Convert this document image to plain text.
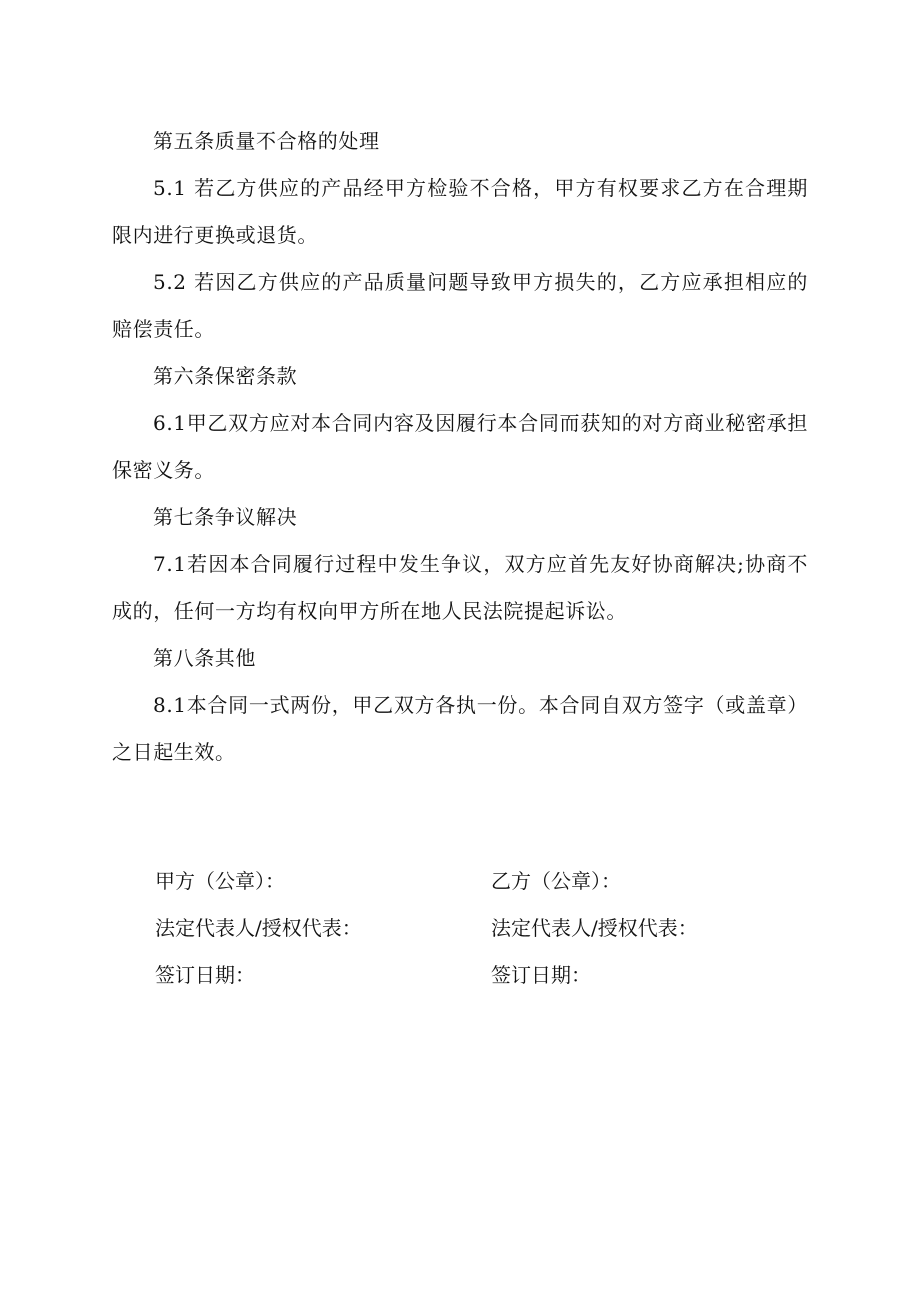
第五条质量不合格的处理

5.1 若乙方供应的产品经甲方检验不合格，甲方有权要求乙方在合理期限内进行更换或退货。

5.2 若因乙方供应的产品质量问题导致甲方损失的，乙方应承担相应的赔偿责任。

第六条保密条款

6.1甲乙双方应对本合同内容及因履行本合同而获知的对方商业秘密承担保密义务。

第七条争议解决

7.1若因本合同履行过程中发生争议，双方应首先友好协商解决;协商不成的，任何一方均有权向甲方所在地人民法院提起诉讼。

第八条其他

8.1本合同一式两份，甲乙双方各执一份。本合同自双方签字（或盖章）之日起生效。

甲方（公章）：

法定代表人/授权代表：

签订日期：

乙方（公章）：

法定代表人/授权代表：

签订日期：
